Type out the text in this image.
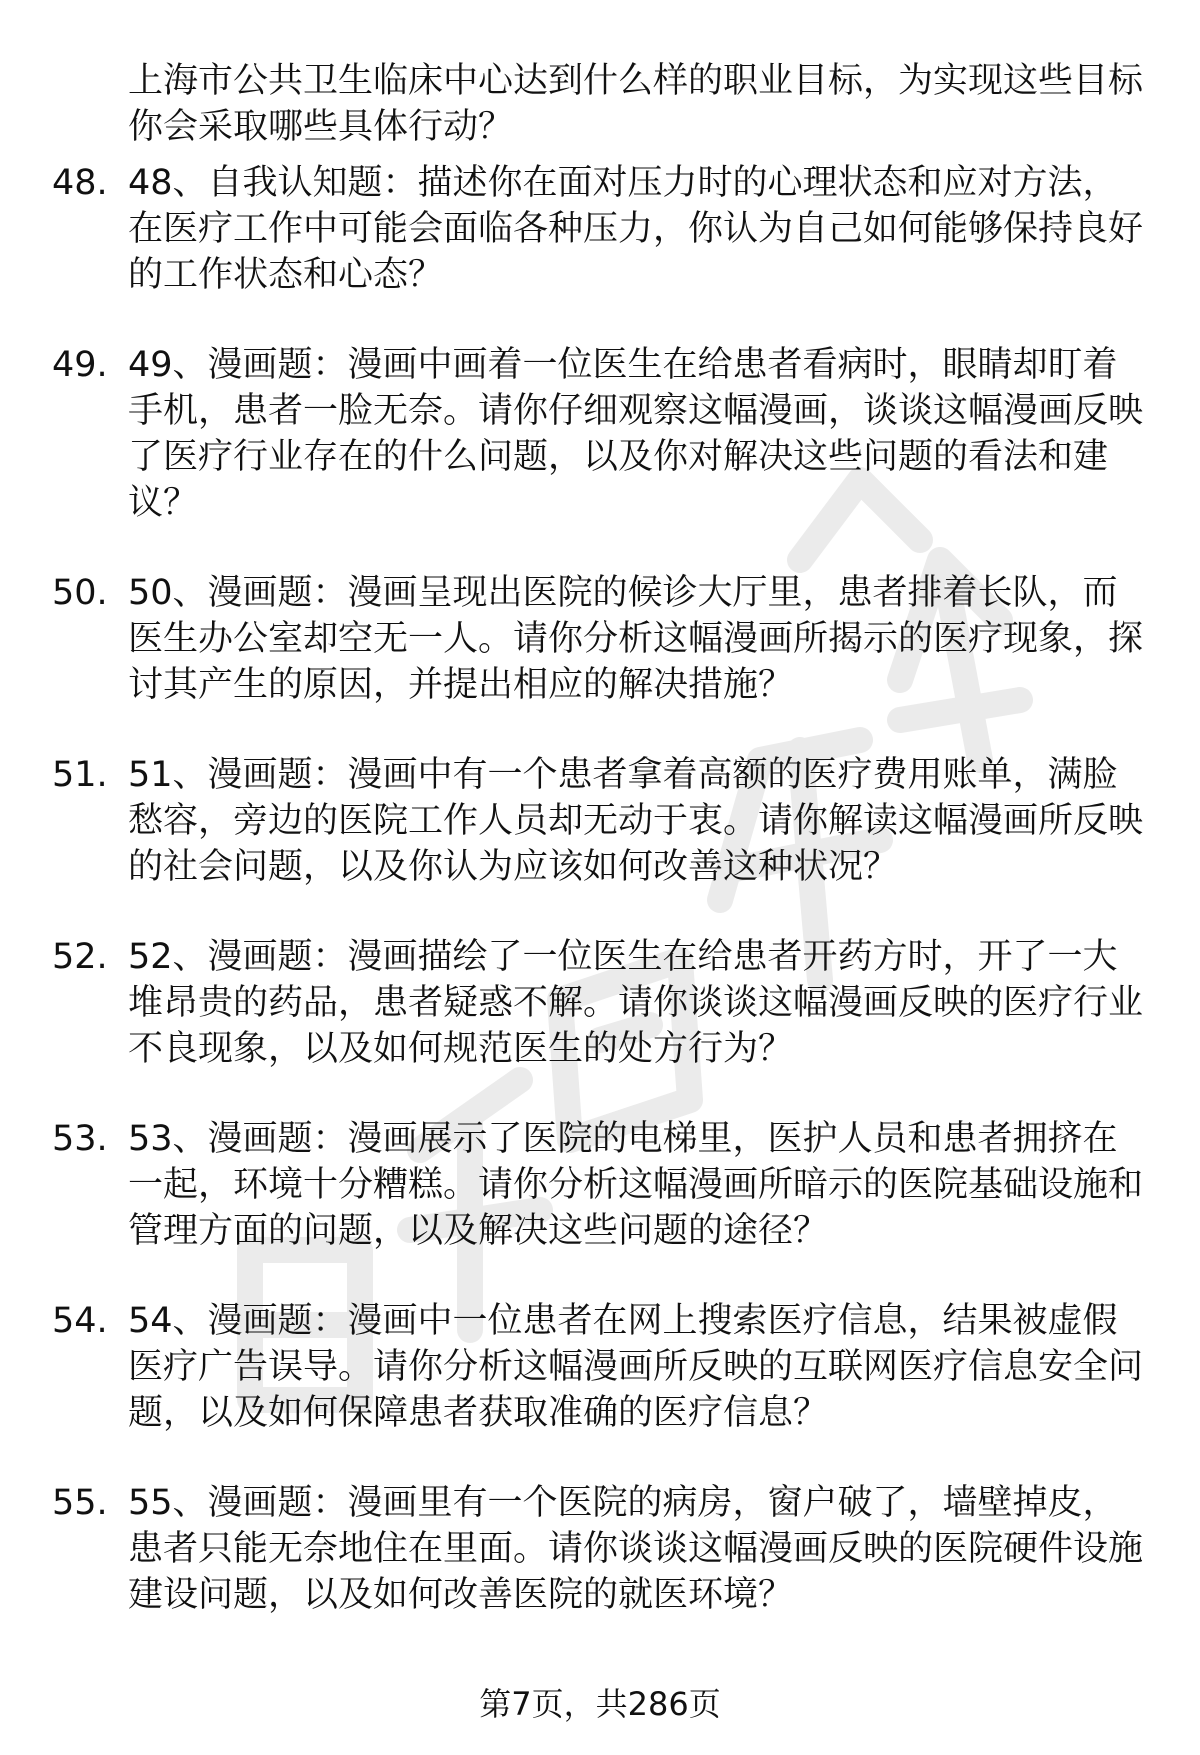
上海市公共卫生临床中心达到什么样的职业目标，为实现这些目标你会采取哪些具体行动？

48. 48、自我认知题：描述你在面对压力时的心理状态和应对方法，在医疗工作中可能会面临各种压力，你认为自己如何能够保持良好的工作状态和心态？

49. 49、漫画题：漫画中画着一位医生在给患者看病时，眼睛却盯着手机，患者一脸无奈。请你仔细观察这幅漫画，谈谈这幅漫画反映了医疗行业存在的什么问题，以及你对解决这些问题的看法和建议？

50. 50、漫画题：漫画呈现出医院的候诊大厅里，患者排着长队，而医生办公室却空无一人。请你分析这幅漫画所揭示的医疗现象，探讨其产生的原因，并提出相应的解决措施？

51. 51、漫画题：漫画中有一个患者拿着高额的医疗费用账单，满脸愁容，旁边的医院工作人员却无动于衷。请你解读这幅漫画所反映的社会问题，以及你认为应该如何改善这种状况？

52. 52、漫画题：漫画描绘了一位医生在给患者开药方时，开了一大堆昂贵的药品，患者疑惑不解。请你谈谈这幅漫画反映的医疗行业不良现象，以及如何规范医生的处方行为？

53. 53、漫画题：漫画展示了医院的电梯里，医护人员和患者拥挤在一起，环境十分糟糕。请你分析这幅漫画所暗示的医院基础设施和管理方面的问题，以及解决这些问题的途径？

54. 54、漫画题：漫画中一位患者在网上搜索医疗信息，结果被虚假医疗广告误导。请你分析这幅漫画所反映的互联网医疗信息安全问题，以及如何保障患者获取准确的医疗信息？

55. 55、漫画题：漫画里有一个医院的病房，窗户破了，墙壁掉皮，患者只能无奈地住在里面。请你谈谈这幅漫画反映的医院硬件设施建设问题，以及如何改善医院的就医环境？

第7页，共286页
